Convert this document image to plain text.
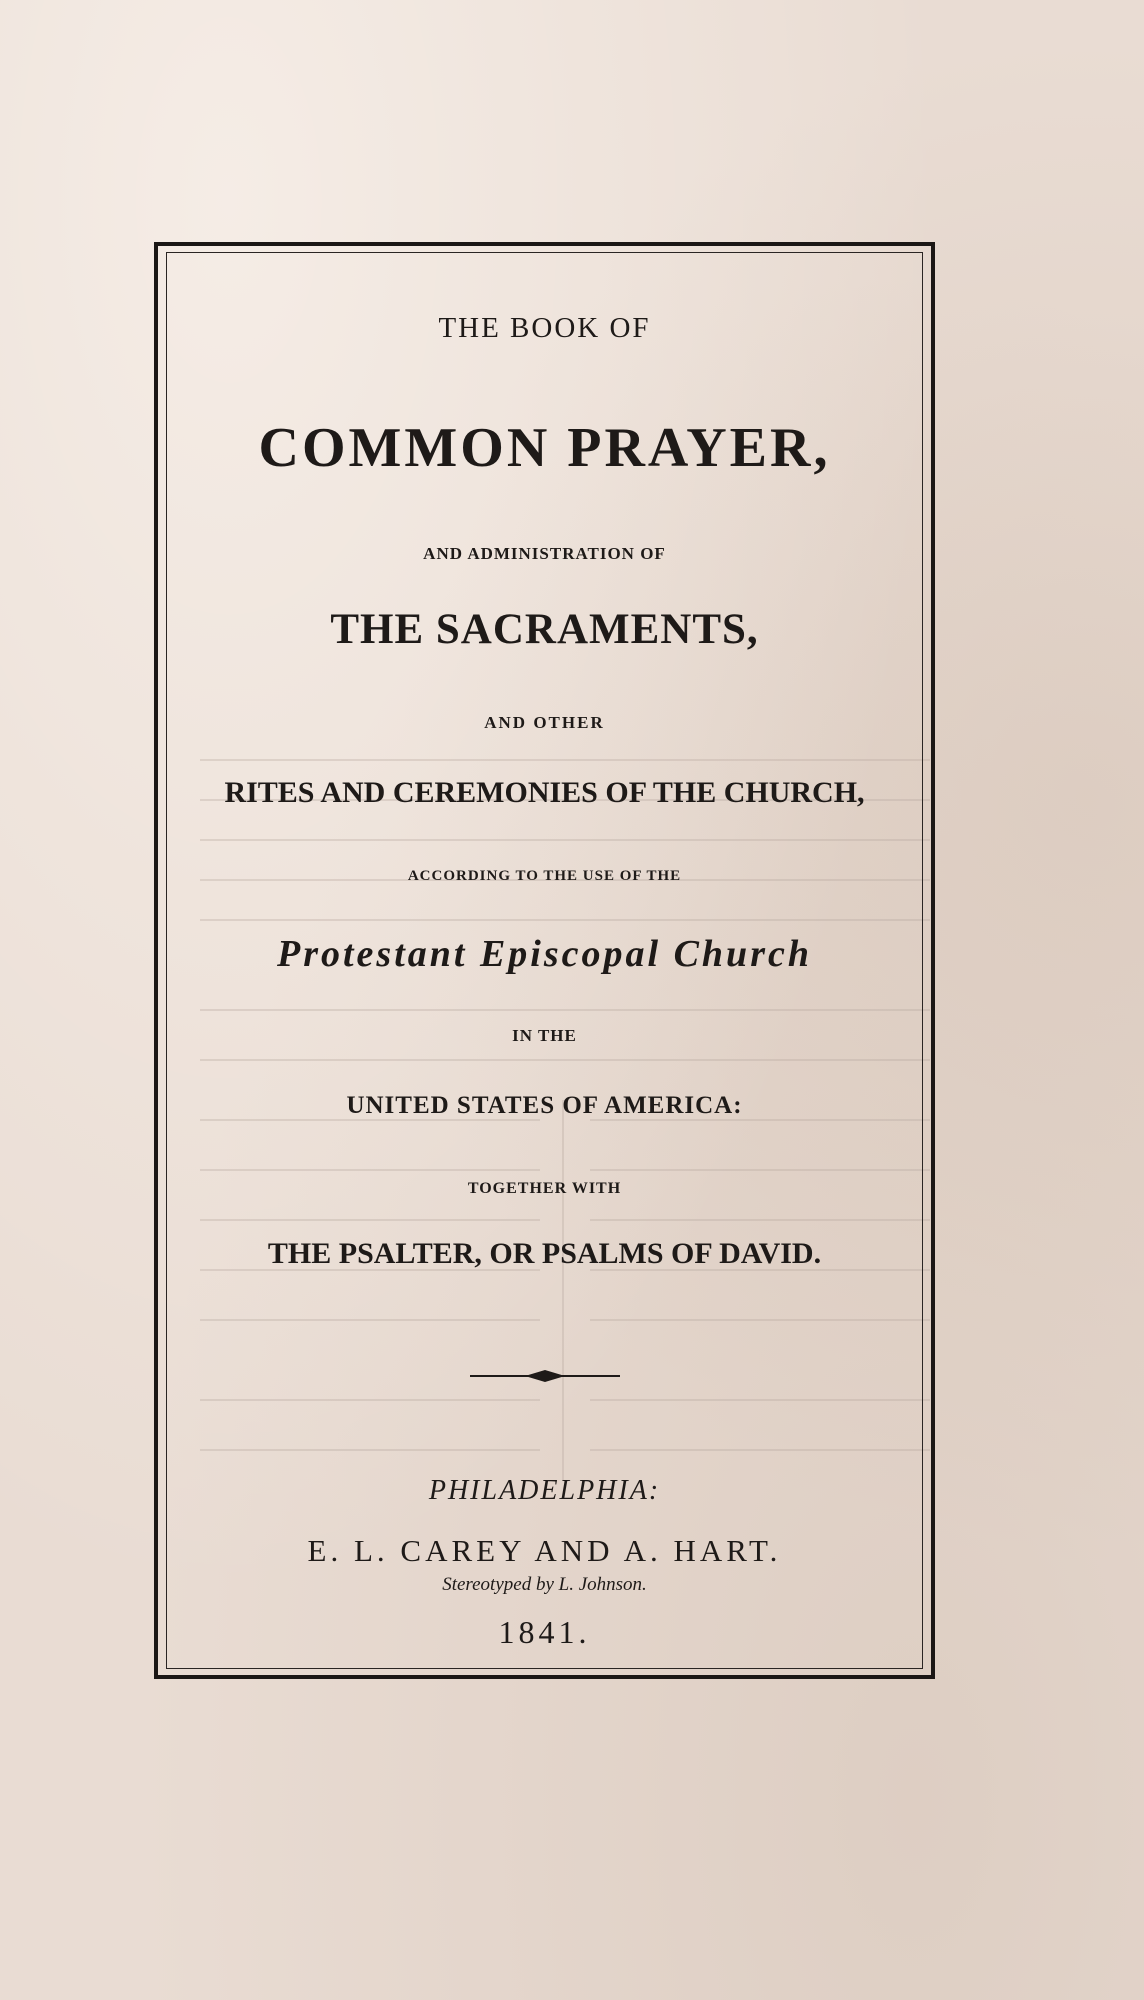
THE BOOK OF
COMMON PRAYER,
AND ADMINISTRATION OF
THE SACRAMENTS,
AND OTHER
RITES AND CEREMONIES OF THE CHURCH,
ACCORDING TO THE USE OF THE
Protestant Episcopal Church
IN THE
UNITED STATES OF AMERICA:
TOGETHER WITH
THE PSALTER, OR PSALMS OF DAVID.
PHILADELPHIA:
E. L. CAREY AND A. HART.
Stereotyped by L. Johnson.
1841.
